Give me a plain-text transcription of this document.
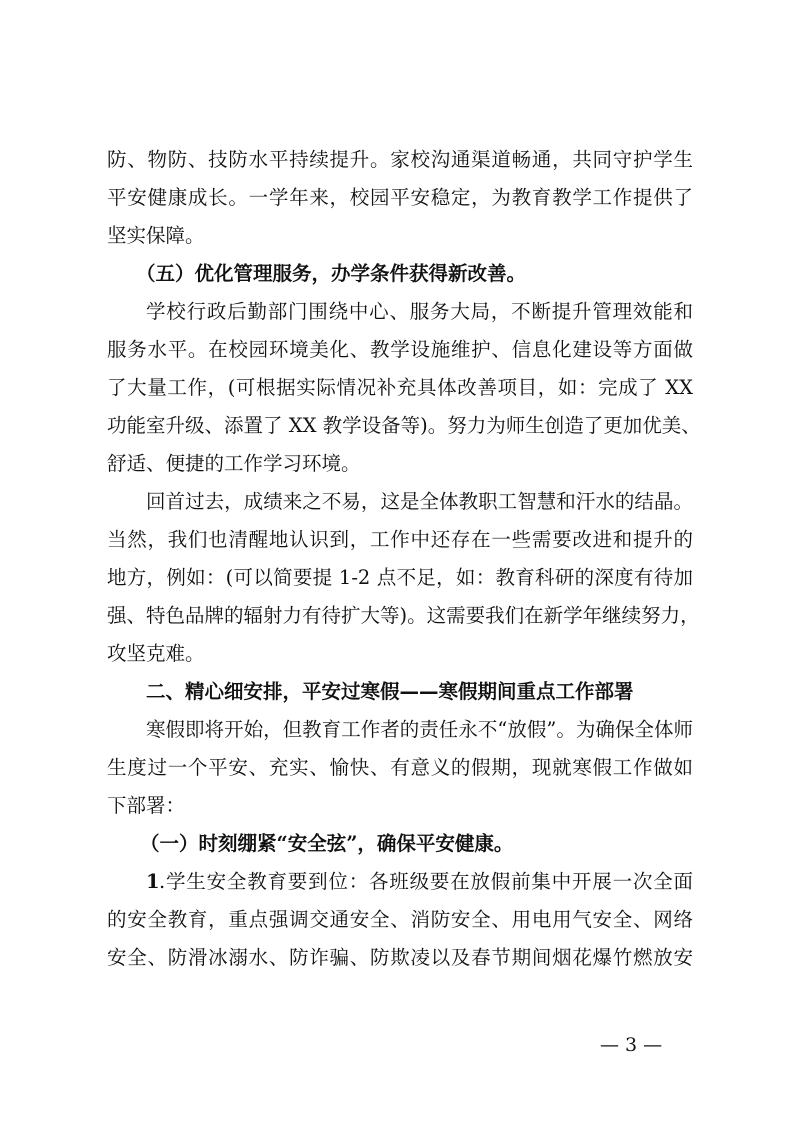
防、物防、技防水平持续提升。家校沟通渠道畅通，共同守护学生
平安健康成长。一学年来，校园平安稳定，为教育教学工作提供了
坚实保障。
（五）优化管理服务，办学条件获得新改善。
学校行政后勤部门围绕中心、服务大局，不断提升管理效能和
服务水平。在校园环境美化、教学设施维护、信息化建设等方面做
了大量工作，(可根据实际情况补充具体改善项目，如：完成了 XX
功能室升级、添置了 XX 教学设备等)。努力为师生创造了更加优美、
舒适、便捷的工作学习环境。
回首过去，成绩来之不易，这是全体教职工智慧和汗水的结晶。
当然，我们也清醒地认识到，工作中还存在一些需要改进和提升的
地方，例如：(可以简要提 1-2 点不足，如：教育科研的深度有待加
强、特色品牌的辐射力有待扩大等)。这需要我们在新学年继续努力，
攻坚克难。
二、精心细安排，平安过寒假——寒假期间重点工作部署
寒假即将开始，但教育工作者的责任永不“放假”。为确保全体师
生度过一个平安、充实、愉快、有意义的假期，现就寒假工作做如
下部署：
（一）时刻绷紧“安全弦”，确保平安健康。
1 .学生安全教育要到位：各班级要在放假前集中开展一次全面
的安全教育，重点强调交通安全、消防安全、用电用气安全、网络
安全、防滑冰溺水、防诈骗、防欺凌以及春节期间烟花爆竹燃放安
— 3 —
